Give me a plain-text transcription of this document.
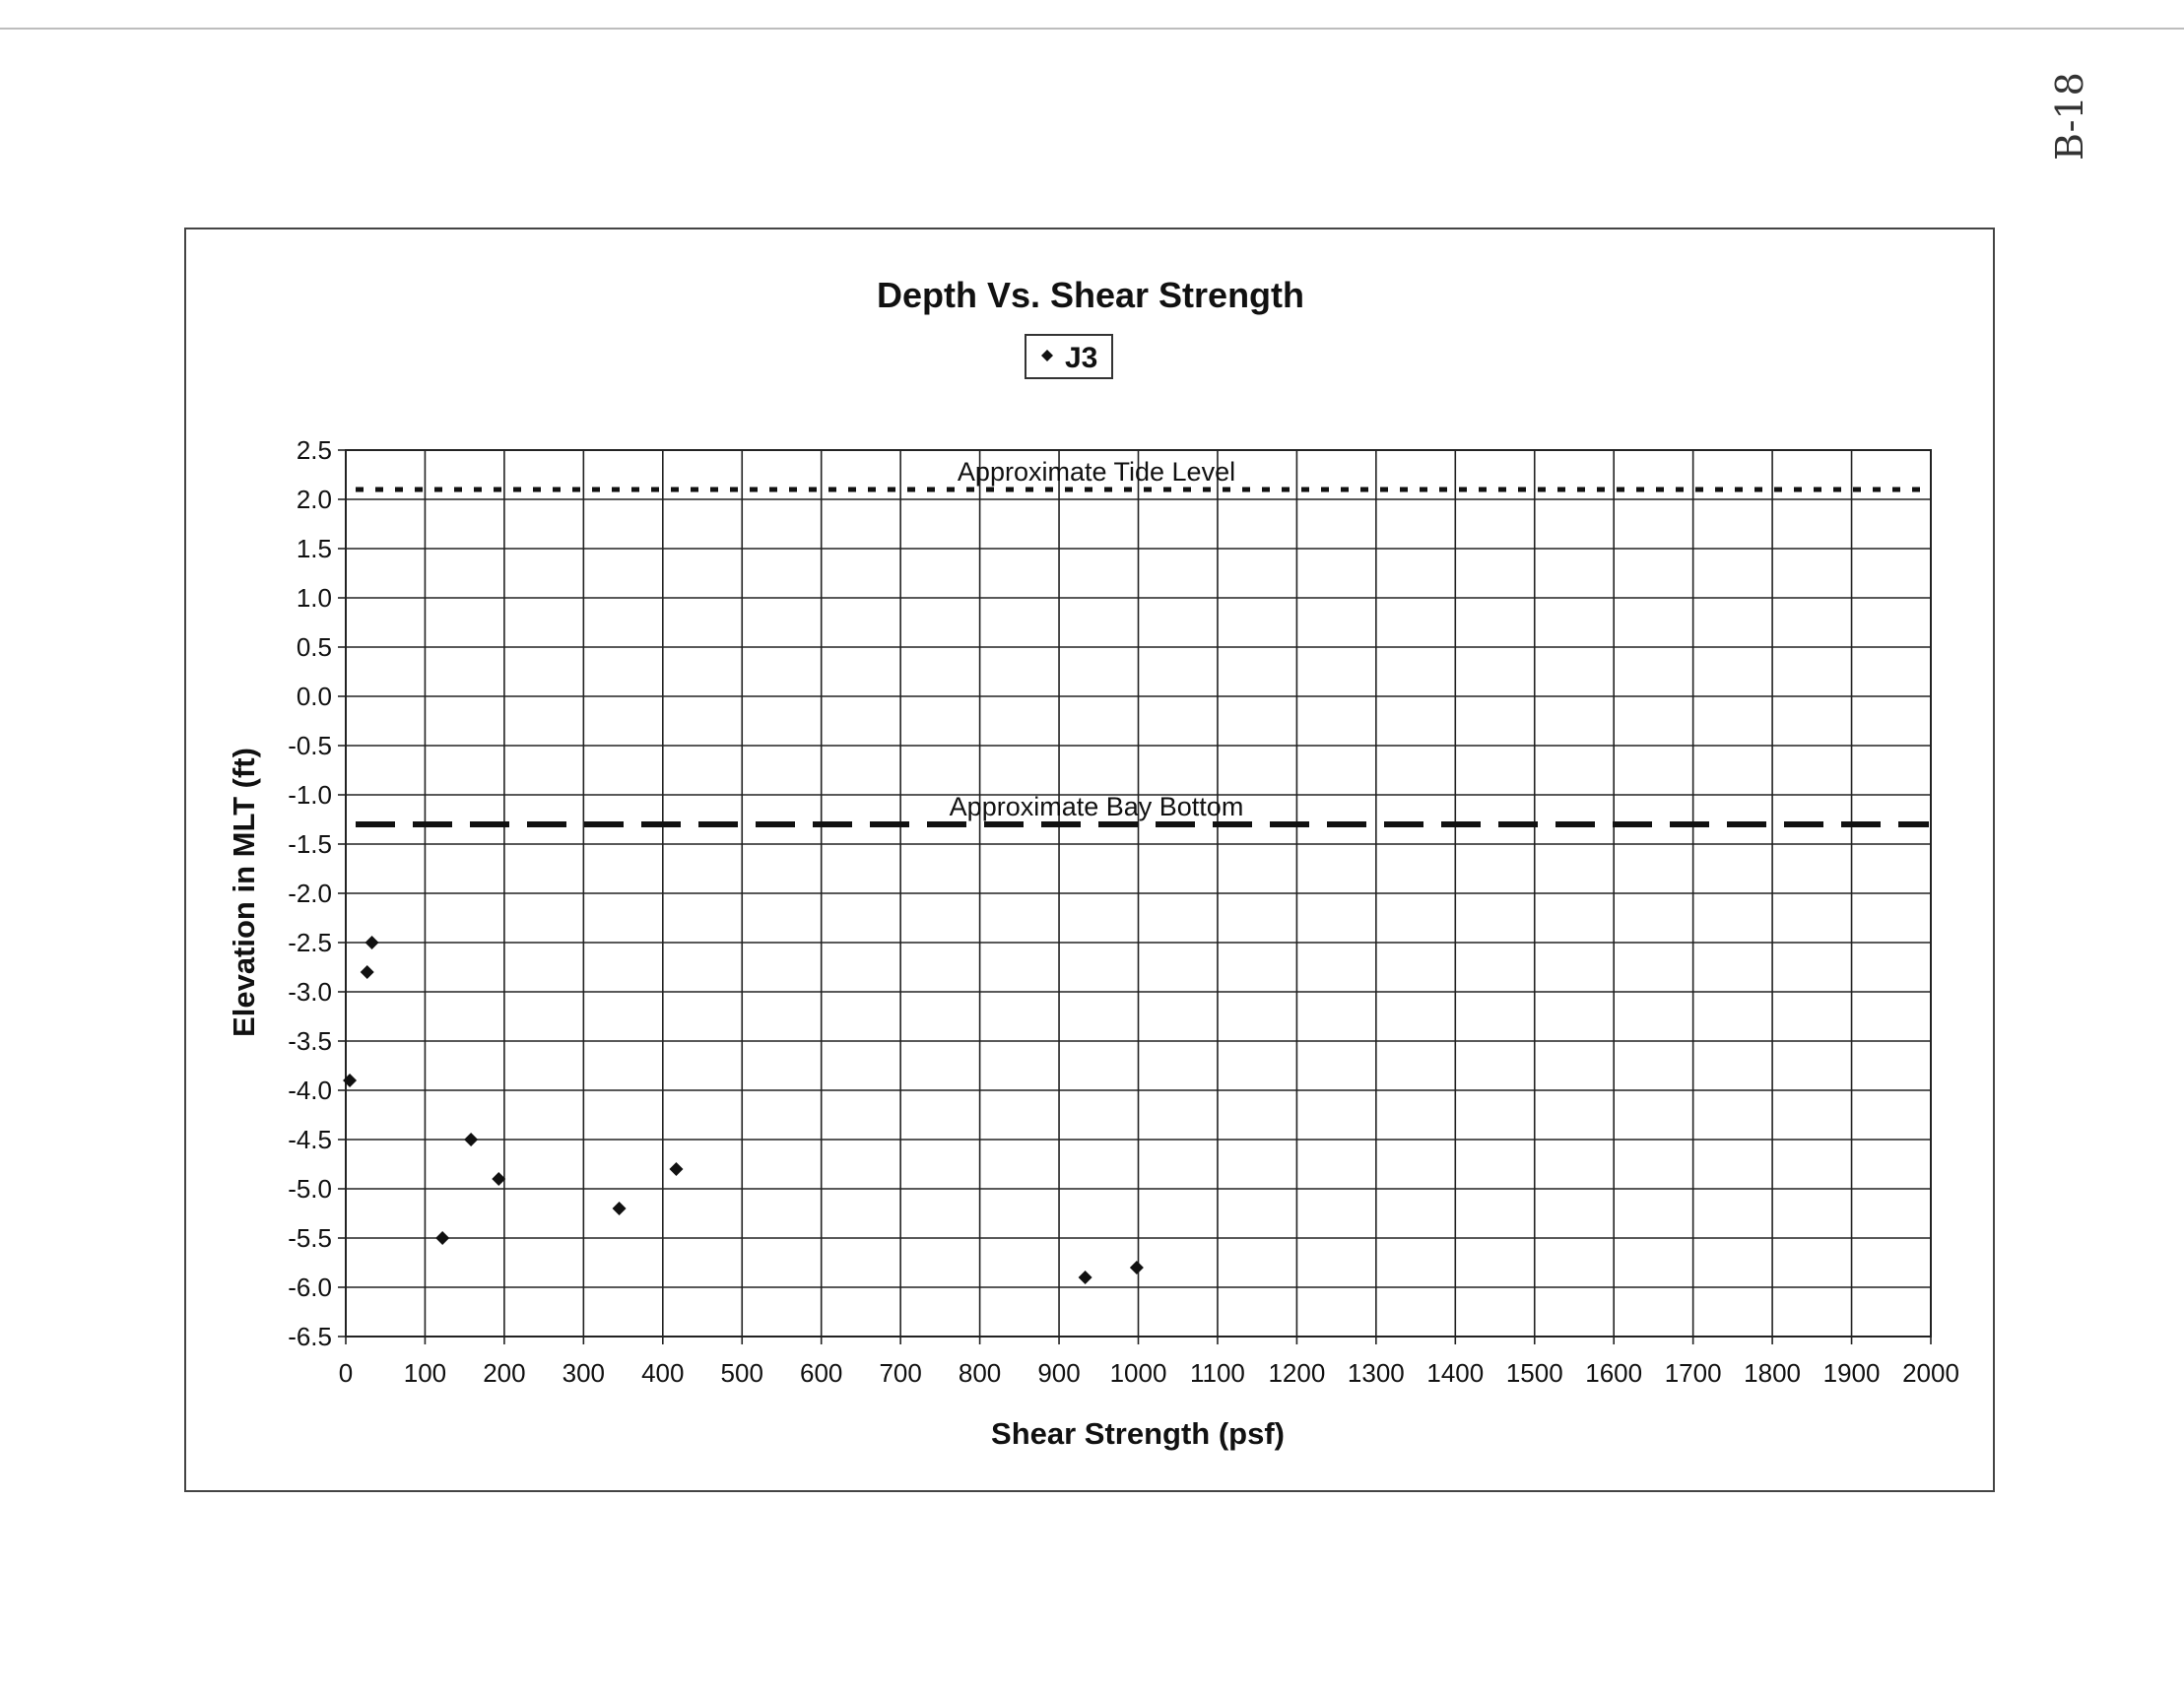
B-18
Depth Vs. Shear Strength
J3
Approximate Tide Level
Approximate Bay Bottom
2.5
2.0
1.5
1.0
0.5
0.0
-0.5
-1.0
-1.5
-2.0
-2.5
-3.0
-3.5
-4.0
-4.5
-5.0
-5.5
-6.0
-6.5
0 100 200 300 400 500 600 700 800 900 1000 1100 1200 1300 1400 1500 1600 1700 1800 1900 2000
Shear Strength (psf)
Elevation in MLT (ft)
